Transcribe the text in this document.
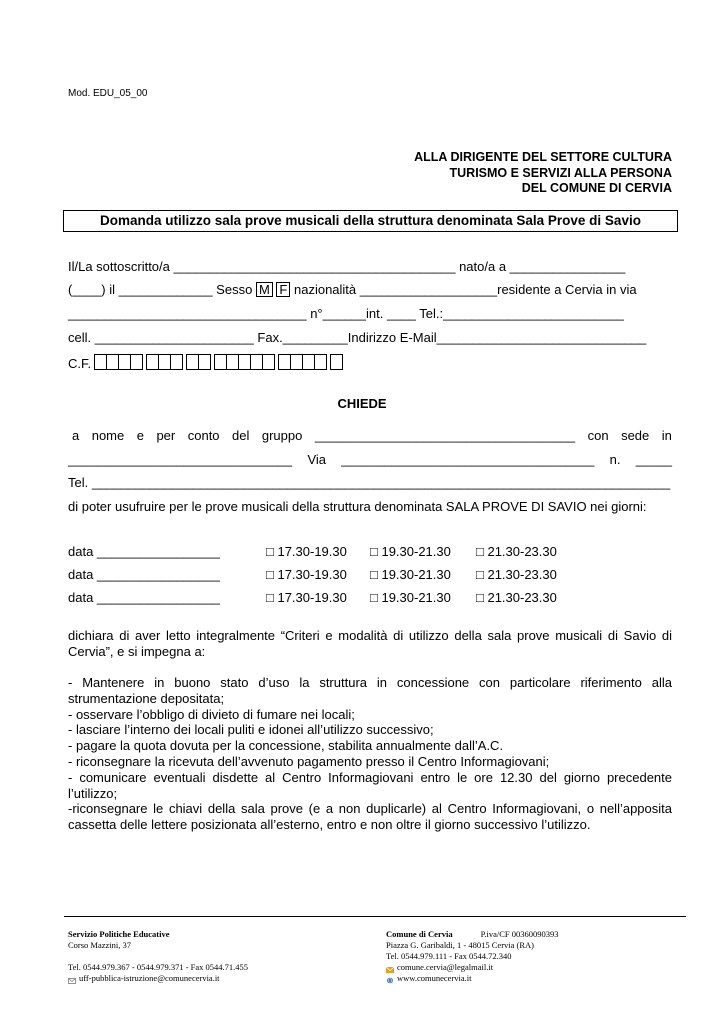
Mod. EDU_05_00
ALLA DIRIGENTE DEL SETTORE CULTURA
TURISMO E SERVIZI ALLA PERSONA
DEL COMUNE DI CERVIA
Domanda utilizzo sala prove musicali della struttura denominata Sala Prove di Savio
Il/La sottoscritto/a _______________________________________ nato/a a ________________
(____) il _____________ Sesso M F nazionalità ___________________residente a Cervia in via
_________________________________ n°______int. ____ Tel.:_________________________
cell. ______________________ Fax._________Indirizzo E-Mail_____________________________
C.F.
CHIEDE
a nome e per conto del gruppo ____________________________________ con sede in
_______________________________ Via ___________________________________ n. _____
Tel. ________________________________________________________________________________
di poter usufruire per le prove musicali della struttura denominata SALA PROVE DI SAVIO nei giorni:
data _________________	□ 17.30-19.30 □ 19.30-21.30 □ 21.30-23.30
data _________________	□ 17.30-19.30 □ 19.30-21.30 □ 21.30-23.30
data _________________	□ 17.30-19.30 □ 19.30-21.30 □ 21.30-23.30
dichiara di aver letto integralmente “Criteri e modalità di utilizzo della sala prove musicali di Savio di Cervia”, e si impegna a:
- Mantenere in buono stato d’uso la struttura in concessione con particolare riferimento alla strumentazione depositata;
- osservare l’obbligo di divieto di fumare nei locali;
- lasciare l’interno dei locali puliti e idonei all’utilizzo successivo;
- pagare la quota dovuta per la concessione, stabilita annualmente dall’A.C.
- riconsegnare la ricevuta dell’avvenuto pagamento presso il Centro Informagiovani;
- comunicare eventuali disdette al Centro Informagiovani entro le ore 12.30 del giorno precedente l’utilizzo;
-riconsegnare le chiavi della sala prove (e a non duplicarle) al Centro Informagiovani, o nell’apposita cassetta delle lettere posizionata all’esterno, entro e non oltre il giorno successivo l’utilizzo.
Servizio Politiche Educative
Corso Mazzini, 37
Tel. 0544.979.367 - 0544.979.371 - Fax 0544.71.455
uff-pubblica-istruzione@comunecervia.it
Comune di Cervia	P.iva/CF 00360090393
Piazza G. Garibaldi, 1 - 48015 Cervia (RA)
Tel. 0544.979.111 - Fax 0544.72.340
comune.cervia@legalmail.it
www.comunecervia.it
